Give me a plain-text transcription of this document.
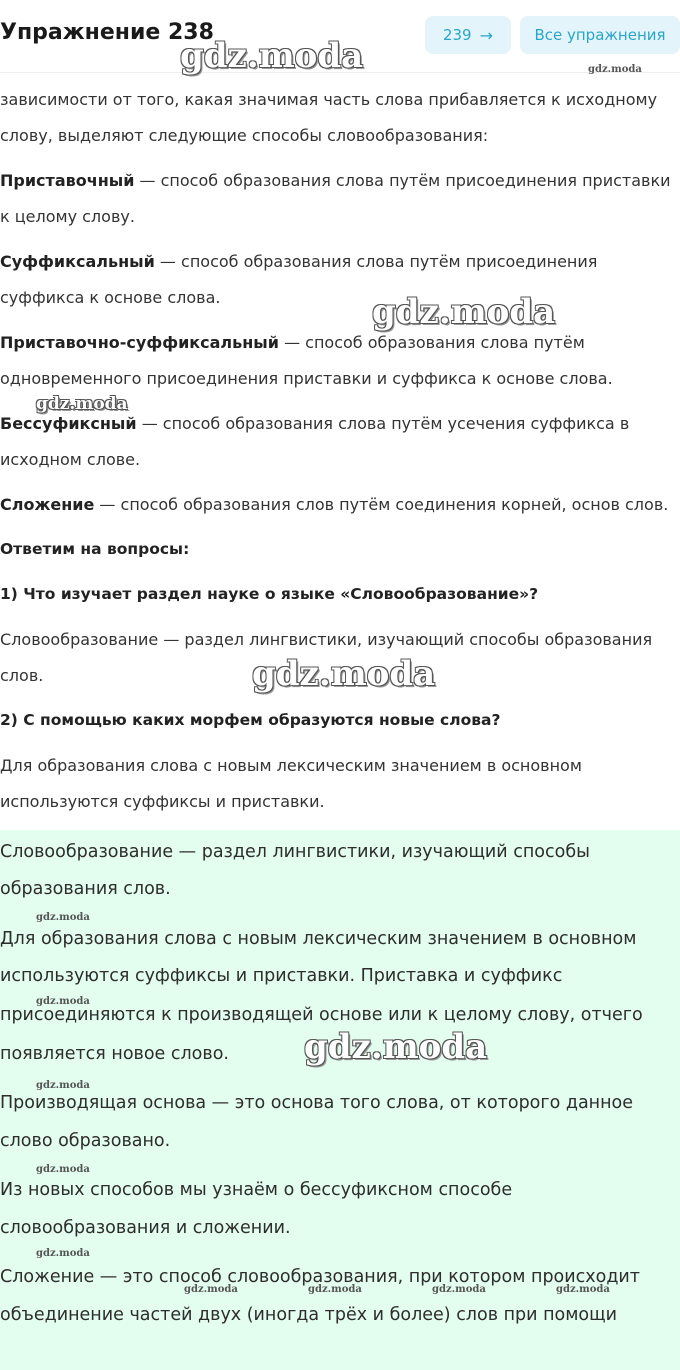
Упражнение 238	239 →	Все упражнения

зависимости от того, какая значимая часть слова прибавляется к исходному

слову, выделяют следующие способы словообразования:

Приставочный — способ образования слова путём присоединения приставки

к целому слову.

Суффиксальный — способ образования слова путём присоединения

суффикса к основе слова.

Приставочно-суффиксальный — способ образования слова путём

одновременного присоединения приставки и суффикса к основе слова.

Бессуфиксный — способ образования слова путём усечения суффикса в

исходном слове.

Сложение — способ образования слов путём соединения корней, основ слов.

Ответим на вопросы:

1) Что изучает раздел науке о языке «Словообразование»?

Словообразование — раздел лингвистики, изучающий способы образования

слов.

2) С помощью каких морфем образуются новые слова?

Для образования слова с новым лексическим значением в основном

используются суффиксы и приставки.

Словообразование — раздел лингвистики, изучающий способы

образования слов.

Для образования слова с новым лексическим значением в основном

используются суффиксы и приставки. Приставка и суффикс

присоединяются к производящей основе или к целому слову, отчего

появляется новое слово.

Производящая основа — это основа того слова, от которого данное

слово образовано.

Из новых способов мы узнаём о бессуфиксном способе

словообразования и сложении.

Сложение — это способ словообразования, при котором происходит

объединение частей двух (иногда трёх и более) слов при помощи

gdz.moda	gdz.moda
gdz.moda
gdz.moda
gdz.moda
gdz.moda
gdz.moda
gdz.moda
gdz.moda
gdz.moda
gdz.moda
gdz.moda	gdz.moda	gdz.moda	gdz.moda
